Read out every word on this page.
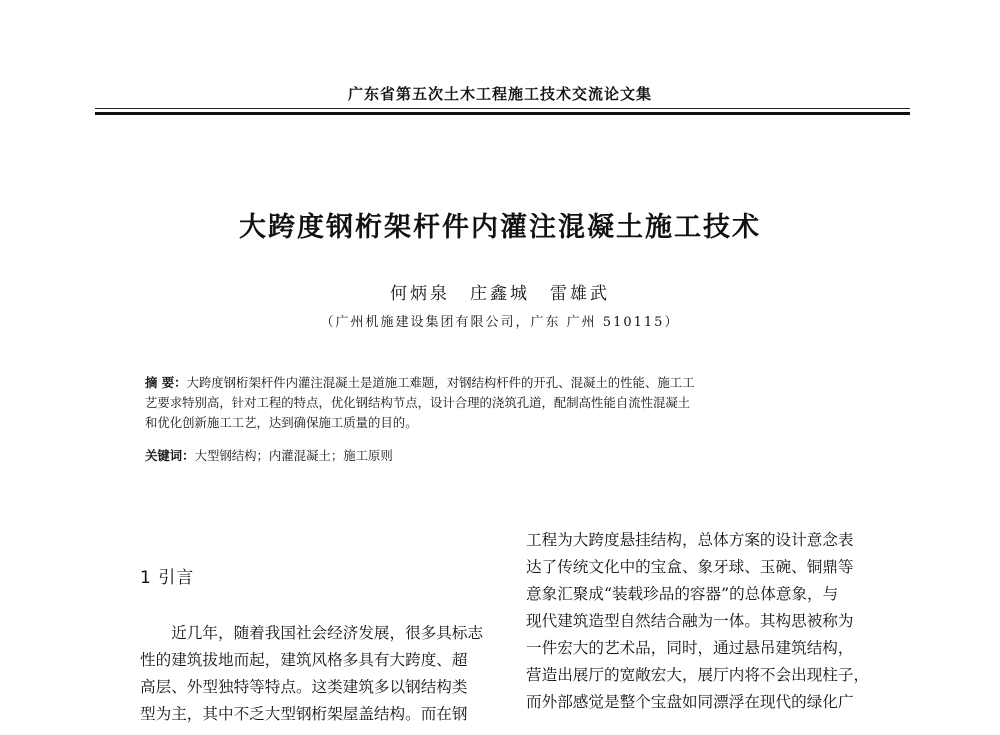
广东省第五次土木工程施工技术交流论文集
大跨度钢桁架杆件内灌注混凝土施工技术
何炳泉　庄鑫城　雷雄武
（广州机施建设集团有限公司，广东 广州 510115）
摘 要：大跨度钢桁架杆件内灌注混凝土是道施工难题，对钢结构杆件的开孔、混凝土的性能、施工工
艺要求特别高，针对工程的特点，优化钢结构节点，设计合理的浇筑孔道，配制高性能自流性混凝土
和优化创新施工工艺，达到确保施工质量的目的。
关键词：大型钢结构；内灌混凝土；施工原则
1 引言
近几年，随着我国社会经济发展，很多具标志
性的建筑拔地而起，建筑风格多具有大跨度、超
高层、外型独特等特点。这类建筑多以钢结构类
型为主，其中不乏大型钢桁架屋盖结构。而在钢
工程为大跨度悬挂结构，总体方案的设计意念表
达了传统文化中的宝盒、象牙球、玉碗、铜鼎等
意象汇聚成“装载珍品的容器”的总体意象，与
现代建筑造型自然结合融为一体。其构思被称为
一件宏大的艺术品，同时，通过悬吊建筑结构，
营造出展厅的宽敞宏大，展厅内将不会出现柱子，
而外部感觉是整个宝盘如同漂浮在现代的绿化广
